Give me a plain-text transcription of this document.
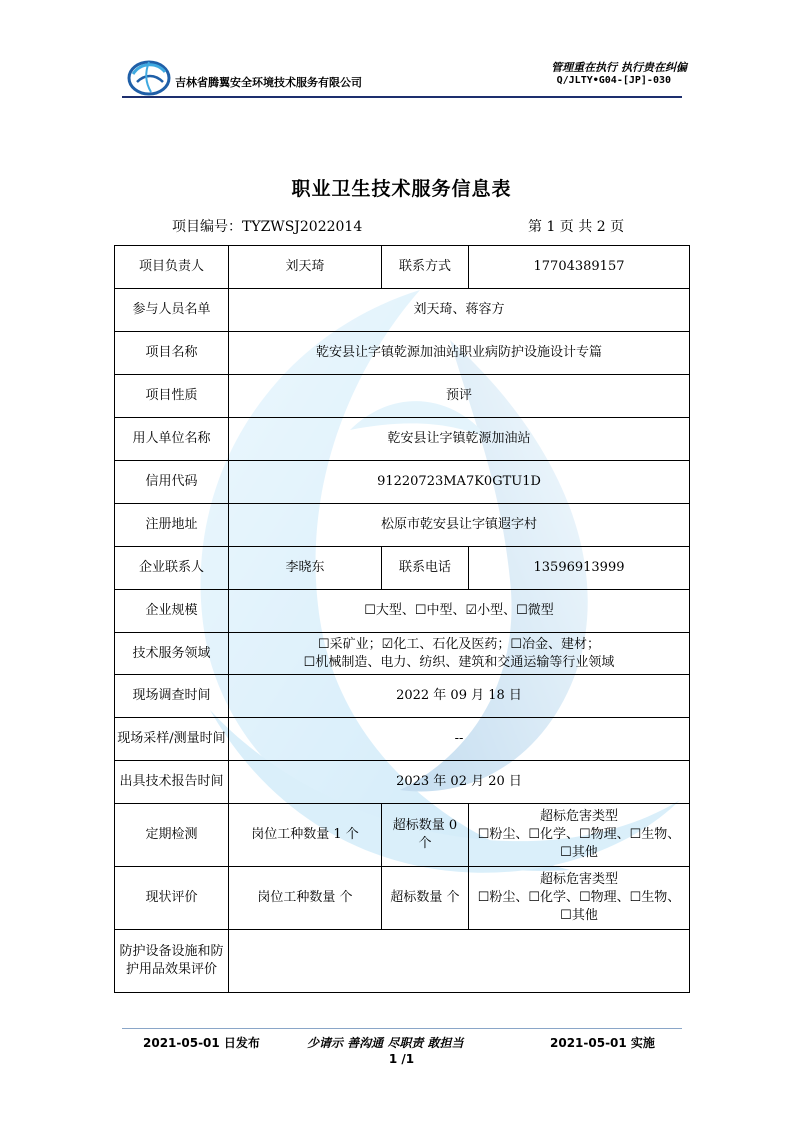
吉林省腾翼安全环境技术服务有限公司
管理重在执行 执行贵在纠偏
Q/JLTY•G04-[JP]-030
职业卫生技术服务信息表
项目编号：TYZWSJ2022014	第 1 页 共 2 页
项目负责人	刘天琦	联系方式	17704389157
参与人员名单	刘天琦、蒋容方		
项目名称	乾安县让字镇乾源加油站职业病防护设施设计专篇		
项目性质	预评		
用人单位名称	乾安县让字镇乾源加油站		
信用代码	91220723MA7K0GTU1D		
注册地址	松原市乾安县让字镇遐字村		
企业联系人	李晓东	联系电话	13596913999
企业规模	☐大型、☐中型、☑小型、☐微型		
技术服务领域	☐采矿业；☑化工、石化及医药；☐冶金、建材；
☐机械制造、电力、纺织、建筑和交通运输等行业领域		

现场调查时间	2022 年 09 月 18 日		
现场采样/测量时间	--		
出具技术报告时间	2023 年 02 月 20 日		
定期检测	岗位工种数量 1 个	超标数量 0 个	超标危害类型
☐粉尘、☐化学、☐物理、☐生物、☐其他

现状评价	岗位工种数量 个	超标数量 个	超标危害类型
☐粉尘、☐化学、☐物理、☐生物、☐其他

防护设备设施和防护用品效果评价			
2021-05-01 日发布	少请示 善沟通 尽职责 敢担当	2021-05-01 实施
1 /1
